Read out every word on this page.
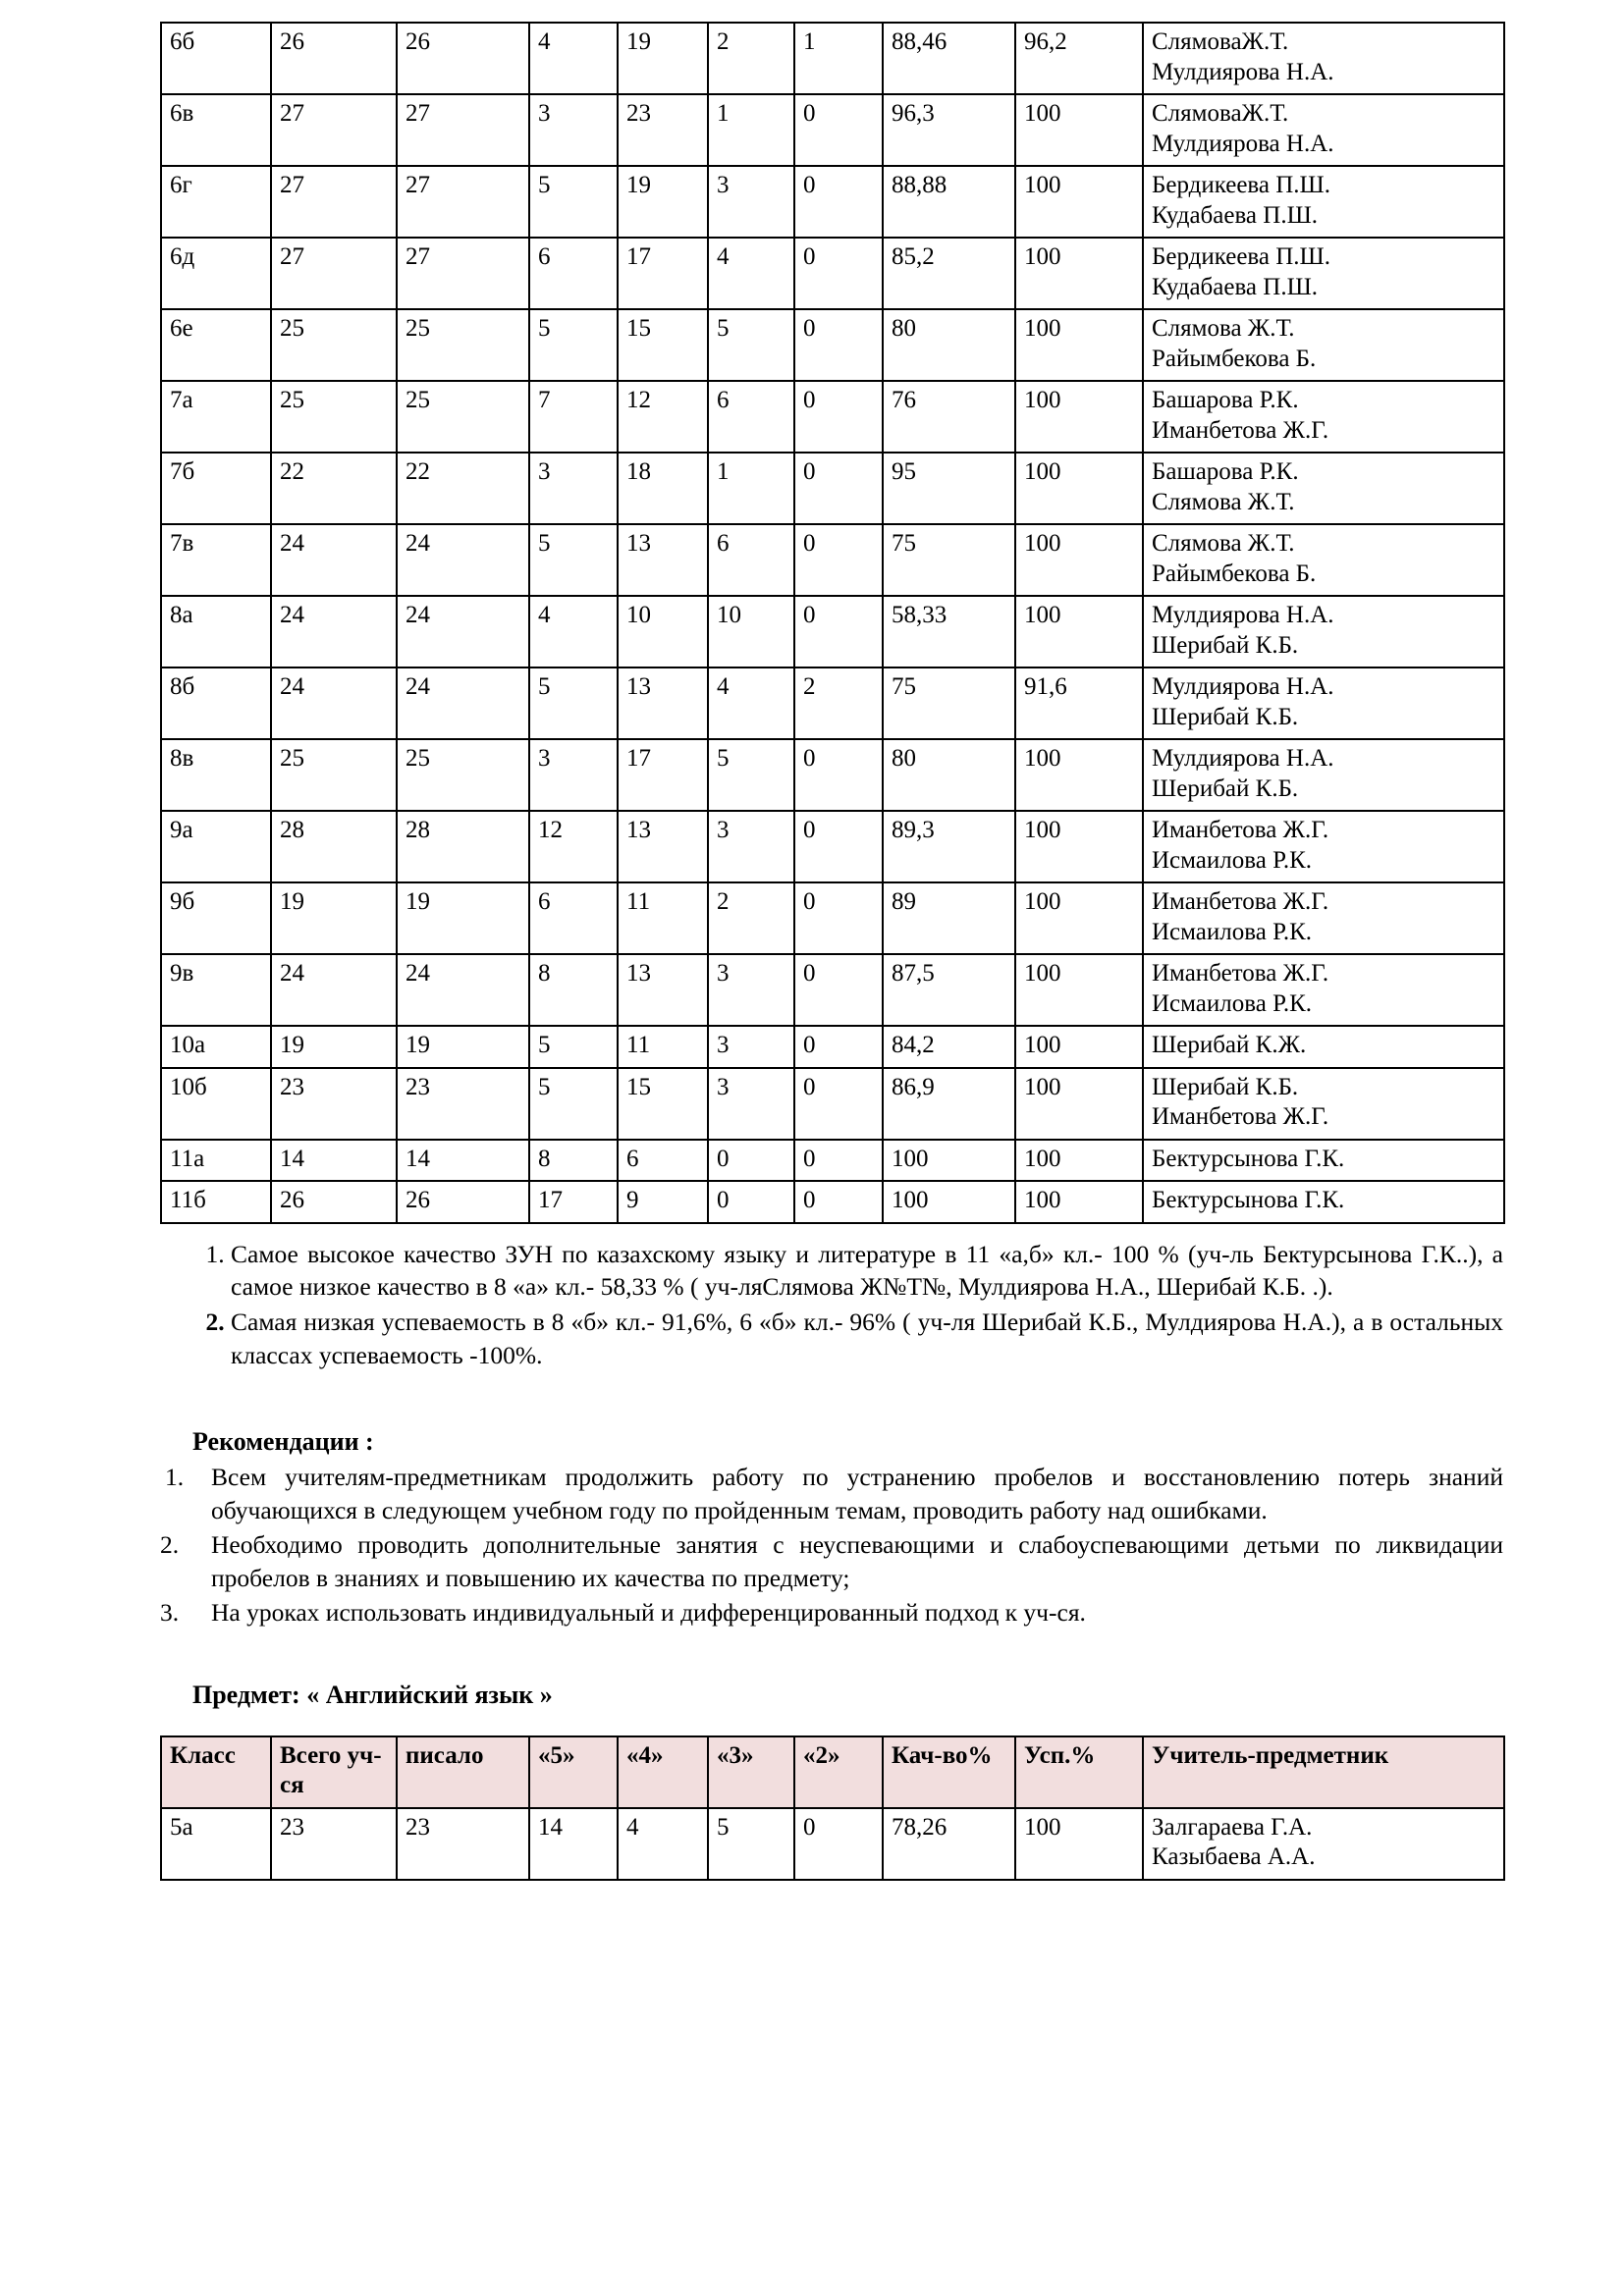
6б	26	26	4	19	2	1	88,46	96,2	СлямоваЖ.Т.
Мулдиярова Н.А.

6в	27	27	3	23	1	0	96,3	100	СлямоваЖ.Т.
Мулдиярова Н.А.

6г	27	27	5	19	3	0	88,88	100	Бердикеева П.Ш.
Кудабаева П.Ш.

6д	27	27	6	17	4	0	85,2	100	Бердикеева П.Ш.
Кудабаева П.Ш.

6е	25	25	5	15	5	0	80	100	Слямова Ж.Т.
Райымбекова Б.

7а	25	25	7	12	6	0	76	100	Башарова Р.К.
Иманбетова Ж.Г.

7б	22	22	3	18	1	0	95	100	Башарова Р.К.
Слямова Ж.Т.

7в	24	24	5	13	6	0	75	100	Слямова Ж.Т.
Райымбекова Б.

8а	24	24	4	10	10	0	58,33	100	Мулдиярова Н.А.
Шерибай К.Б.

8б	24	24	5	13	4	2	75	91,6	Мулдиярова Н.А.
Шерибай К.Б.

8в	25	25	3	17	5	0	80	100	Мулдиярова Н.А.
Шерибай К.Б.

9а	28	28	12	13	3	0	89,3	100	Иманбетова Ж.Г.
Исмаилова Р.К.

9б	19	19	6	11	2	0	89	100	Иманбетова Ж.Г.
Исмаилова Р.К.

9в	24	24	8	13	3	0	87,5	100	Иманбетова Ж.Г.
Исмаилова Р.К.

10а	19	19	5	11	3	0	84,2	100	Шерибай К.Ж.

10б	23	23	5	15	3	0	86,9	100	Шерибай К.Б.
Иманбетова Ж.Г.

11а	14	14	8	6	0	0	100	100	Бектурсынова Г.К.

11б	26	26	17	9	0	0	100	100	Бектурсынова Г.К.
1. Самое высокое качество ЗУН по казахскому языку и литературе в 11 «а,б» кл.- 100 % (уч-ль Бектурсынова Г.К..), а самое низкое качество в 8 «а» кл.- 58,33 % ( уч-ляСлямова Ж№Т№, Мулдиярова Н.А., Шерибай К.Б. .).
2. Самая низкая успеваемость в 8 «б» кл.- 91,6%, 6 «б» кл.- 96% ( уч-ля Шерибай К.Б., Мулдиярова Н.А.), а в остальных классах успеваемость -100%.
Рекомендации :
1.	Всем учителям-предметникам продолжить работу по устранению пробелов и восстановлению потерь знаний обучающихся в следующем учебном году по пройденным темам, проводить работу над ошибками.
2.	Необходимо проводить дополнительные занятия с неуспевающими и слабоуспевающими детьми по ликвидации пробелов в знаниях и повышению их качества по предмету;
3.	На уроках использовать индивидуальный и дифференцированный подход к уч-ся.
Предмет: « Английский язык »
Класс	Всего уч-ся	писало	«5»	«4»	«3»	«2»	Кач-во%	Усп.%	Учитель-предметник
5а	23	23	14	4	5	0	78,26	100	Залгараева Г.А.
Казыбаева А.А.
